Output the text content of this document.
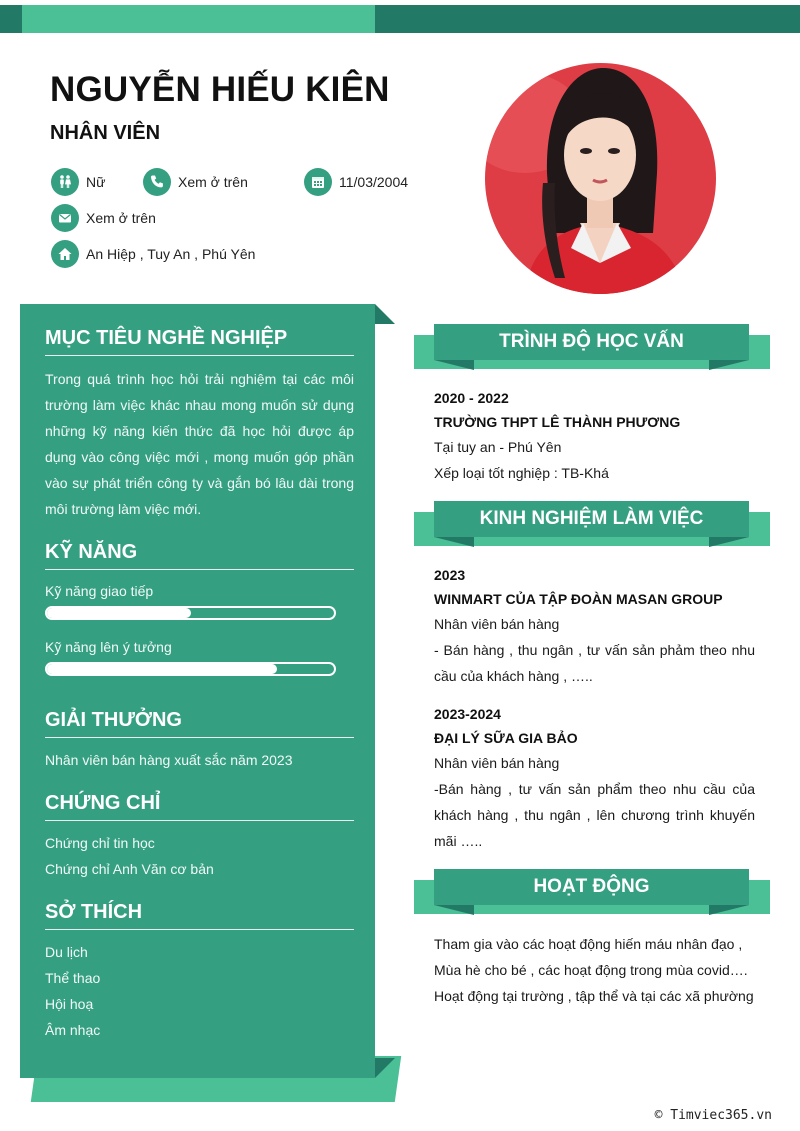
NGUYỄN HIẾU KIÊN
NHÂN VIÊN
Nữ	Xem ở trên	11/03/2004
Xem ở trên
An Hiệp , Tuy An , Phú Yên
MỤC TIÊU NGHỀ NGHIỆP
Trong quá trình học hỏi trải nghiệm tại các môi trường làm việc khác nhau mong muốn sử dụng những kỹ năng kiến thức đã học hỏi được áp dụng vào công việc mới , mong muốn góp phần vào sự phát triển công ty và gắn bó lâu dài trong môi trường làm việc mới.
KỸ NĂNG
Kỹ năng giao tiếp
Kỹ năng lên ý tưởng
GIẢI THƯỞNG
Nhân viên bán hàng xuất sắc năm 2023
CHỨNG CHỈ
Chứng chỉ tin học
Chứng chỉ Anh Văn cơ bản
SỞ THÍCH
Du lịch
Thể thao
Hội hoạ
Âm nhạc
TRÌNH ĐỘ HỌC VẤN
2020 - 2022
TRƯỜNG THPT LÊ THÀNH PHƯƠNG
Tại tuy an - Phú Yên
Xếp loại tốt nghiệp : TB-Khá
KINH NGHIỆM LÀM VIỆC
2023
WINMART CỦA TẬP ĐOÀN MASAN GROUP
Nhân viên bán hàng
- Bán hàng , thu ngân , tư vấn sản phảm theo nhu cầu của khách hàng , …..
2023-2024
ĐẠI LÝ SỮA GIA BẢO
Nhân viên bán hàng
-Bán hàng , tư vấn sản phẩm theo nhu cầu của khách hàng , thu ngân , lên chương trình khuyến mãi …..
HOẠT ĐỘNG
Tham gia vào các hoạt động hiến máu nhân đạo ,
Mùa hè cho bé , các hoạt động trong mùa covid….
Hoạt động tại trường , tập thể và tại các xã phường
© Timviec365.vn
